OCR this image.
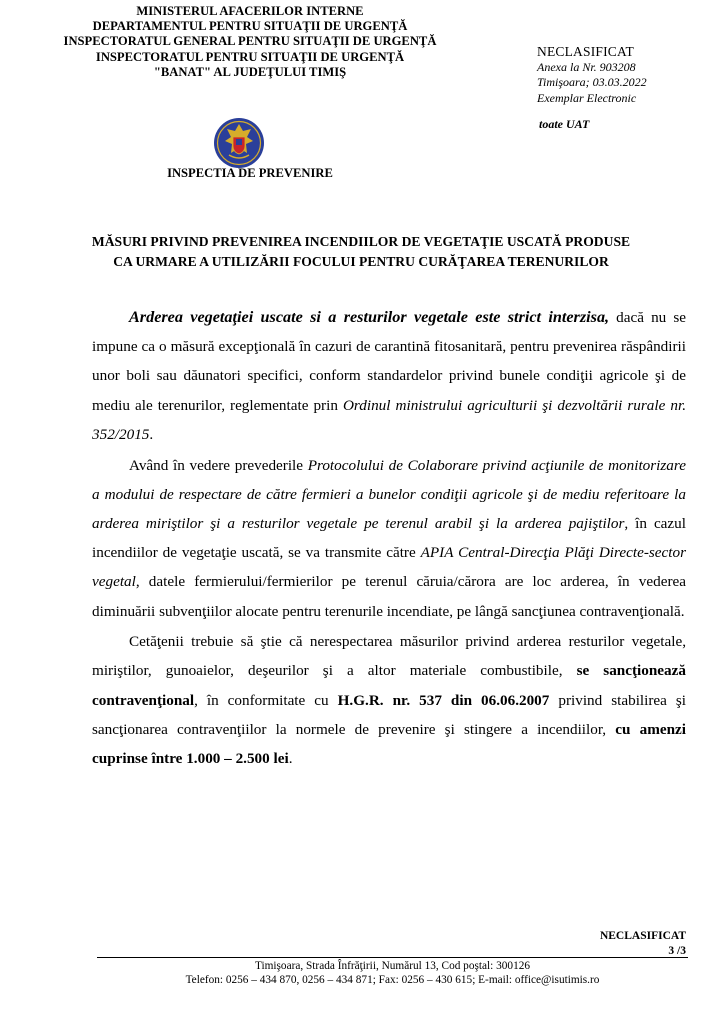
MINISTERUL AFACERILOR INTERNE
DEPARTAMENTUL PENTRU SITUAŢII DE URGENŢĂ
INSPECTORATUL GENERAL PENTRU SITUAŢII DE URGENŢĂ
INSPECTORATUL PENTRU SITUAŢII DE URGENŢĂ
"BANAT" AL JUDEŢULUI TIMIŞ
INSPECTIA DE PREVENIRE
NECLASIFICAT
Anexa la Nr. 903208
Timişoara; 03.03.2022
Exemplar Electronic
toate UAT
MĂSURI PRIVIND PREVENIREA INCENDIILOR DE VEGETAŢIE USCATĂ PRODUSE
CA URMARE A UTILIZĂRII FOCULUI PENTRU CURĂŢAREA TERENURILOR

Arderea vegetaţiei uscate si a resturilor vegetale este strict interzisa, dacă nu se impune ca o măsură excepţională în cazuri de carantină fitosanitară, pentru prevenirea răspândirii unor boli sau dăunatori specifici, conform standardelor privind bunele condiţii agricole şi de mediu ale terenurilor, reglementate prin Ordinul ministrului agriculturii şi dezvoltării rurale nr. 352/2015.

Având în vedere prevederile Protocolului de Colaborare privind acţiunile de monitorizare a modului de respectare de către fermieri a bunelor condiţii agricole şi de mediu referitoare la arderea miriştilor şi a resturilor vegetale pe terenul arabil şi la arderea pajiştilor, în cazul incendiilor de vegetaţie uscată, se va transmite către APIA Central-Direcţia Plăţi Directe-sector vegetal, datele fermierului/fermierilor pe terenul căruia/cărora are loc arderea, în vederea diminuării subvenţiilor alocate pentru terenurile incendiate, pe lângă sancţiunea contravenţională.

Cetăţenii trebuie să ştie că nerespectarea măsurilor privind arderea resturilor vegetale, miriştilor, gunoaielor, deşeurilor şi a altor materiale combustibile, se sancţionează contravenţional, în conformitate cu H.G.R. nr. 537 din 06.06.2007 privind stabilirea şi sancţionarea contravenţiilor la normele de prevenire şi stingere a incendiilor, cu amenzi cuprinse între 1.000 – 2.500 lei.

NECLASIFICAT
3 /3
Timişoara, Strada Înfrăţirii, Numărul 13, Cod poştal: 300126
Telefon: 0256 – 434 870, 0256 – 434 871; Fax: 0256 – 430 615; E-mail: office@isutimis.ro
